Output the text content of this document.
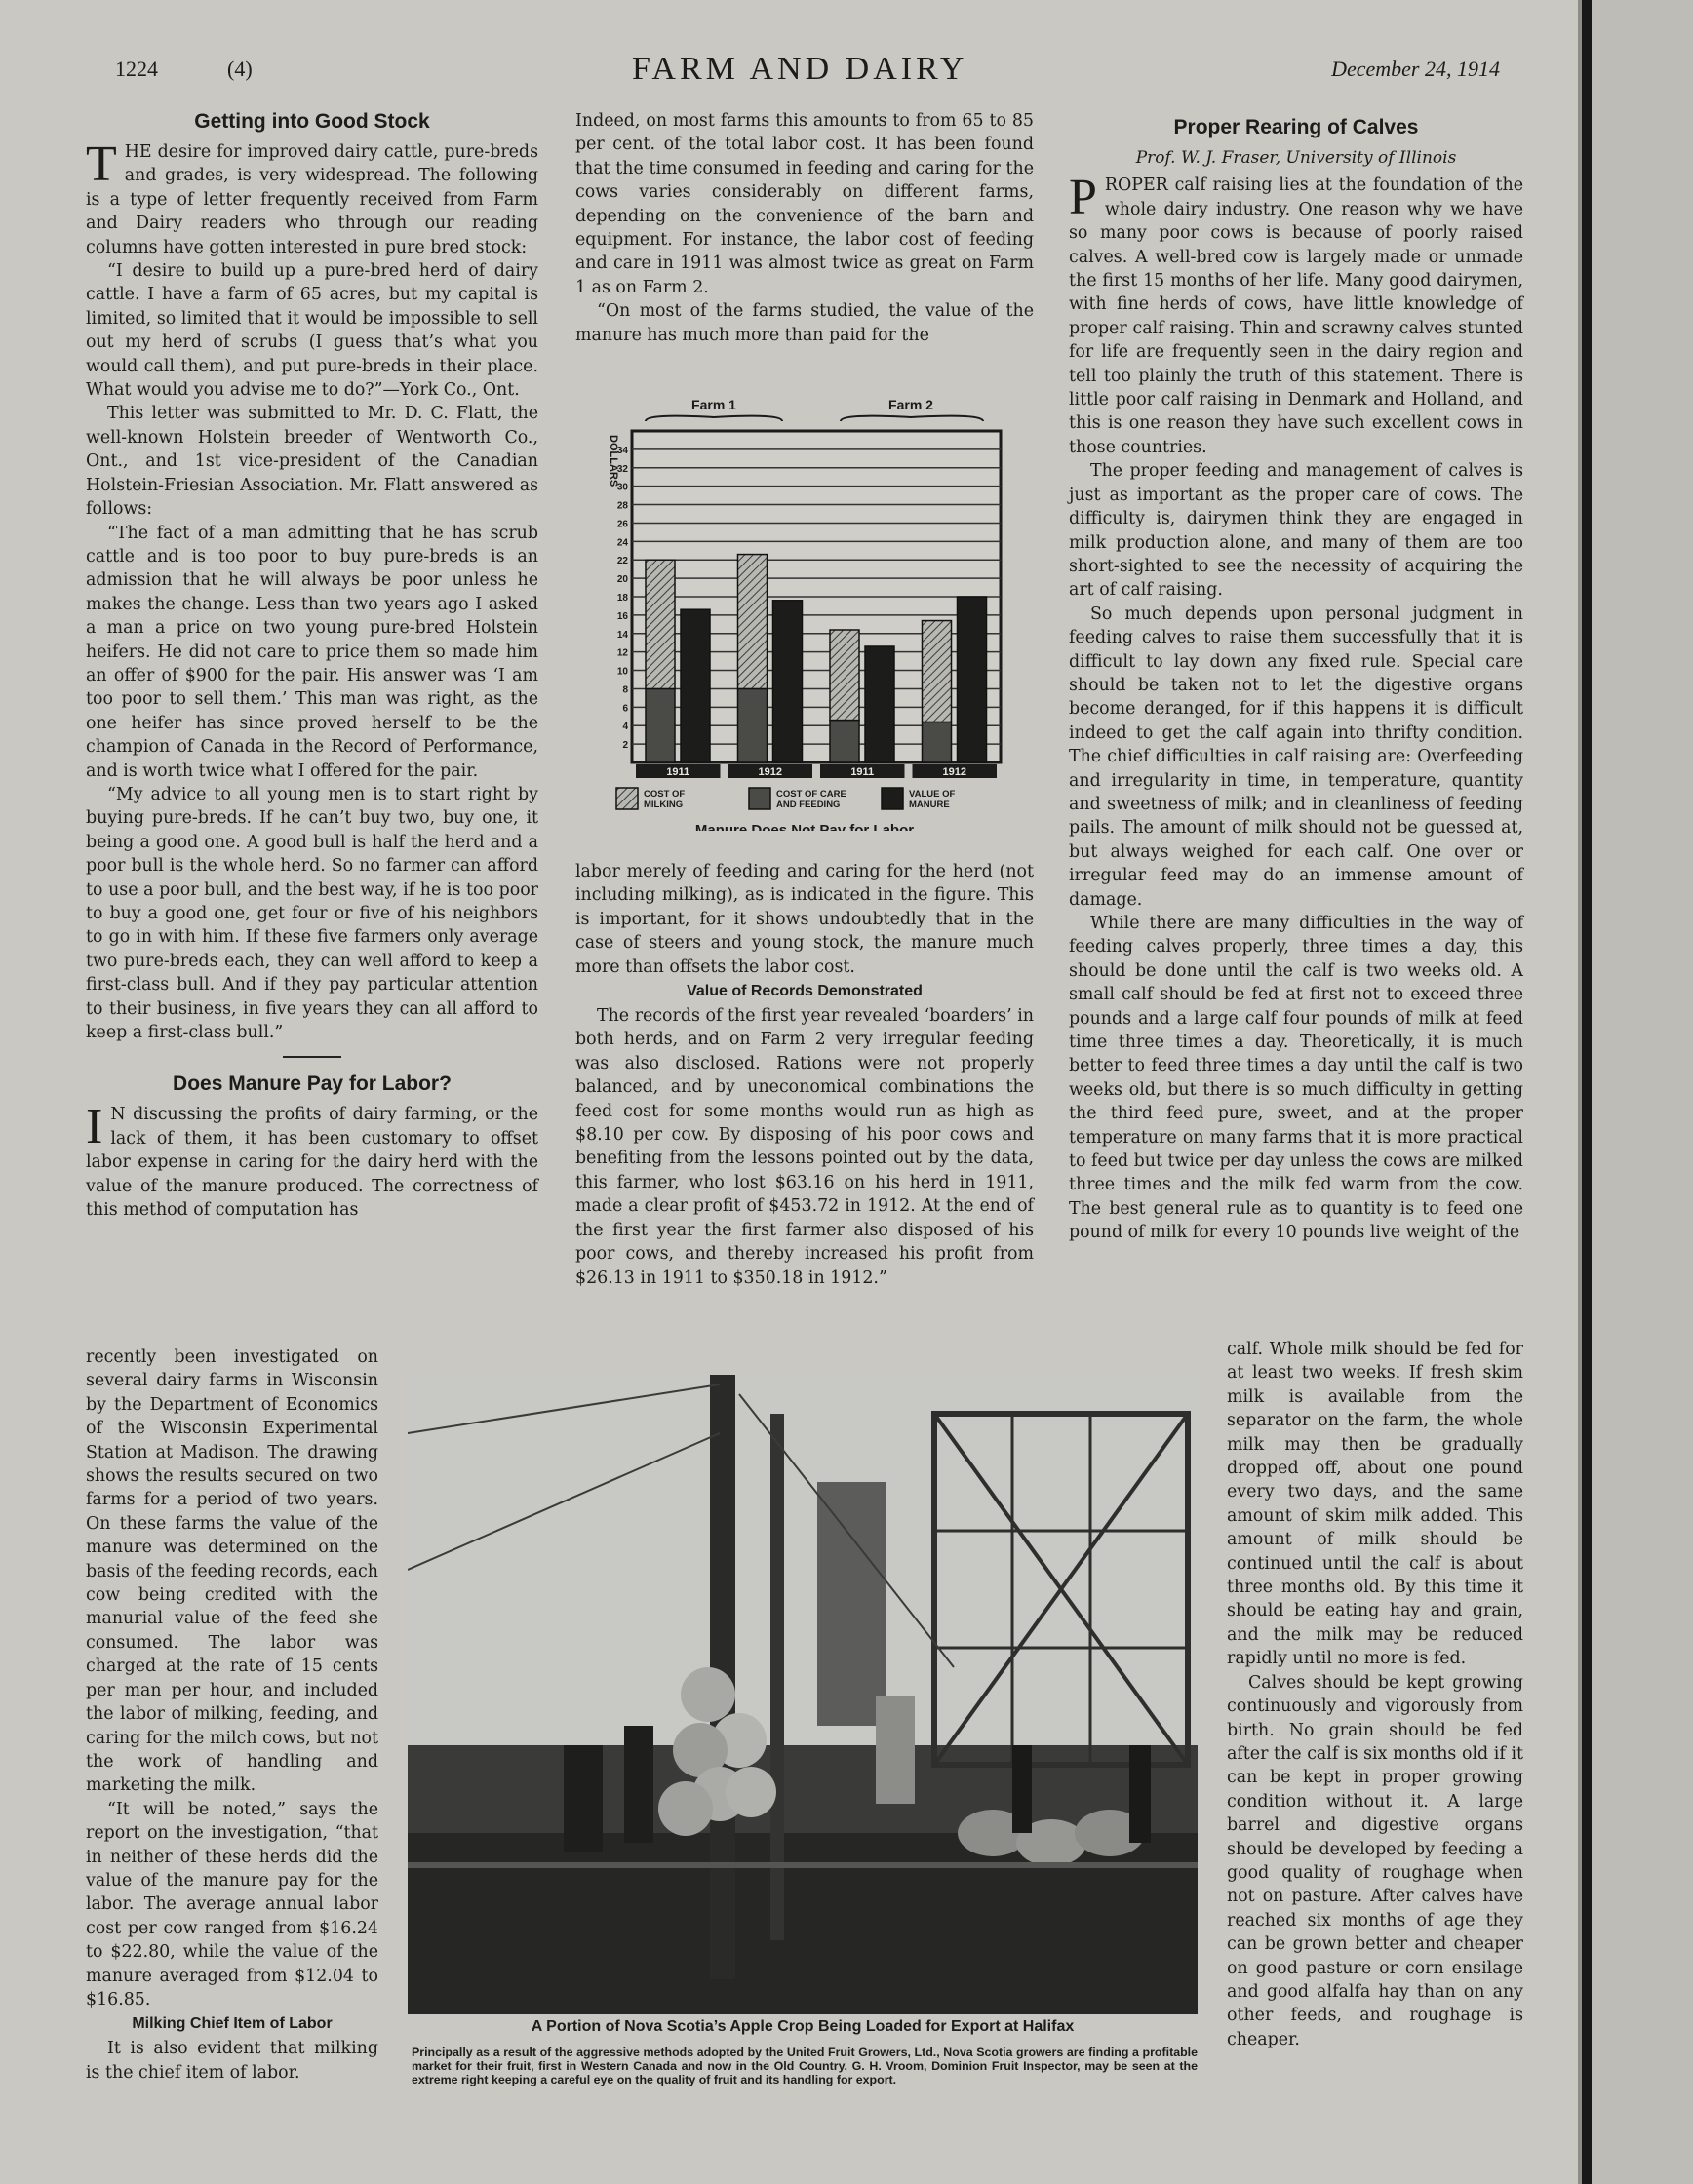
1224	(4)	FARM AND DAIRY	December 24, 1914
Getting into Good Stock

THE desire for improved dairy cattle, pure-breds and grades, is very widespread. The following is a type of letter frequently received from Farm and Dairy readers who through our reading columns have gotten interested in pure bred stock:

“I desire to build up a pure-bred herd of dairy cattle. I have a farm of 65 acres, but my capital is limited, so limited that it would be impossible to sell out my herd of scrubs (I guess that’s what you would call them), and put pure-breds in their place. What would you advise me to do?”—York Co., Ont.

This letter was submitted to Mr. D. C. Flatt, the well-known Holstein breeder of Wentworth Co., Ont., and 1st vice-president of the Canadian Holstein-Friesian Association. Mr. Flatt answered as follows:

“The fact of a man admitting that he has scrub cattle and is too poor to buy pure-breds is an admission that he will always be poor unless he makes the change. Less than two years ago I asked a man a price on two young pure-bred Holstein heifers. He did not care to price them so made him an offer of $900 for the pair. His answer was ‘I am too poor to sell them.’ This man was right, as the one heifer has since proved herself to be the champion of Canada in the Record of Performance, and is worth twice what I offered for the pair.

“My advice to all young men is to start right by buying pure-breds. If he can’t buy two, buy one, it being a good one. A good bull is half the herd and a poor bull is the whole herd. So no farmer can afford to use a poor bull, and the best way, if he is too poor to buy a good one, get four or five of his neighbors to go in with him. If these five farmers only average two pure-breds each, they can well afford to keep a first-class bull. And if they pay particular attention to their business, in five years they can all afford to keep a first-class bull.”

Does Manure Pay for Labor?

I N discussing the profits of dairy farming, or the lack of them, it has been customary to offset labor expense in caring for the dairy herd with the value of the manure produced. The correctness of this method of computation has

recently been investigated on several dairy farms in Wisconsin by the Department of Economics of the Wisconsin Experimental Station at Madison. The drawing shows the results secured on two farms for a period of two years. On these farms the value of the manure was determined on the basis of the feeding records, each cow being credited with the manurial value of the feed she consumed. The labor was charged at the rate of 15 cents per man per hour, and included the labor of milking, feeding, and caring for the milch cows, but not the work of handling and marketing the milk.

“It will be noted,” says the report on the investigation, “that in neither of these herds did the value of the manure pay for the labor. The average annual labor cost per cow ranged from $16.24 to $22.80, while the value of the manure averaged from $12.04 to $16.85.

Milking Chief Item of Labor

It is also evident that milking is the chief item of labor.

Indeed, on most farms this amounts to from 65 to 85 per cent. of the total labor cost. It has been found that the time consumed in feeding and caring for the cows varies considerably on different farms, depending on the convenience of the barn and equipment. For instance, the labor cost of feeding and care in 1911 was almost twice as great on Farm 1 as on Farm 2.

“On most of the farms studied, the value of the manure has much more than paid for the

2
4
6
8
10
12
14
16
18
20
22
24
26
28
30
32
34
DOLLARS
Farm 1	Farm 2
1911	1912	1911	1912
COST OF
MILKING
COST OF CARE
AND FEEDING
VALUE OF
MANURE
Manure Does Not Pay for Labor

labor merely of feeding and caring for the herd (not including milking), as is indicated in the figure. This is important, for it shows undoubtedly that in the case of steers and young stock, the manure much more than offsets the labor cost.

Value of Records Demonstrated

The records of the first year revealed ‘boarders’ in both herds, and on Farm 2 very irregular feeding was also disclosed. Rations were not properly balanced, and by uneconomical combinations the feed cost for some months would run as high as $8.10 per cow. By disposing of his poor cows and benefiting from the lessons pointed out by the data, this farmer, who lost $63.16 on his herd in 1911, made a clear profit of $453.72 in 1912. At the end of the first year the first farmer also disposed of his poor cows, and thereby increased his profit from $26.13 in 1911 to $350.18 in 1912.”

Proper Rearing of Calves
Prof. W. J. Fraser, University of Illinois

PROPER calf raising lies at the foundation of the whole dairy industry. One reason why we have so many poor cows is because of poorly raised calves. A well-bred cow is largely made or unmade the first 15 months of her life. Many good dairymen, with fine herds of cows, have little knowledge of proper calf raising. Thin and scrawny calves stunted for life are frequently seen in the dairy region and tell too plainly the truth of this statement. There is little poor calf raising in Denmark and Holland, and this is one reason they have such excellent cows in those countries.

The proper feeding and management of calves is just as important as the proper care of cows. The difficulty is, dairymen think they are engaged in milk production alone, and many of them are too short-sighted to see the necessity of acquiring the art of calf raising.

So much depends upon personal judgment in feeding calves to raise them successfully that it is difficult to lay down any fixed rule. Special care should be taken not to let the digestive organs become deranged, for if this happens it is difficult indeed to get the calf again into thrifty condition. The chief difficulties in calf raising are: Overfeeding and irregularity in time, in temperature, quantity and sweetness of milk; and in cleanliness of feeding pails. The amount of milk should not be guessed at, but always weighed for each calf. One over or irregular feed may do an immense amount of damage.

While there are many difficulties in the way of feeding calves properly, three times a day, this should be done until the calf is two weeks old. A small calf should be fed at first not to exceed three pounds and a large calf four pounds of milk at feed time three times a day. Theoretically, it is much better to feed three times a day until the calf is two weeks old, but there is so much difficulty in getting the third feed pure, sweet, and at the proper temperature on many farms that it is more practical to feed but twice per day unless the cows are milked three times and the milk fed warm from the cow. The best general rule as to quantity is to feed one pound of milk for every 10 pounds live weight of the

calf. Whole milk should be fed for at least two weeks. If fresh skim milk is available from the separator on the farm, the whole milk may then be gradually dropped off, about one pound every two days, and the same amount of skim milk added. This amount of milk should be continued until the calf is about three months old. By this time it should be eating hay and grain, and the milk may be reduced rapidly until no more is fed.

Calves should be kept growing continuously and vigorously from birth. No grain should be fed after the calf is six months old if it can be kept in proper growing condition without it. A large barrel and digestive organs should be developed by feeding a good quality of roughage when not on pasture. After calves have reached six months of age they can be grown better and cheaper on good pasture or corn ensilage and good alfalfa hay than on any other feeds, and roughage is cheaper.

A Portion of Nova Scotia’s Apple Crop Being Loaded for Export at Halifax
Principally as a result of the aggressive methods adopted by the United Fruit Growers, Ltd., Nova Scotia growers are finding a profitable market for their fruit, first in Western Canada and now in the Old Country. G. H. Vroom, Dominion Fruit Inspector, may be seen at the extreme right keeping a careful eye on the quality of fruit and its handling for export.
